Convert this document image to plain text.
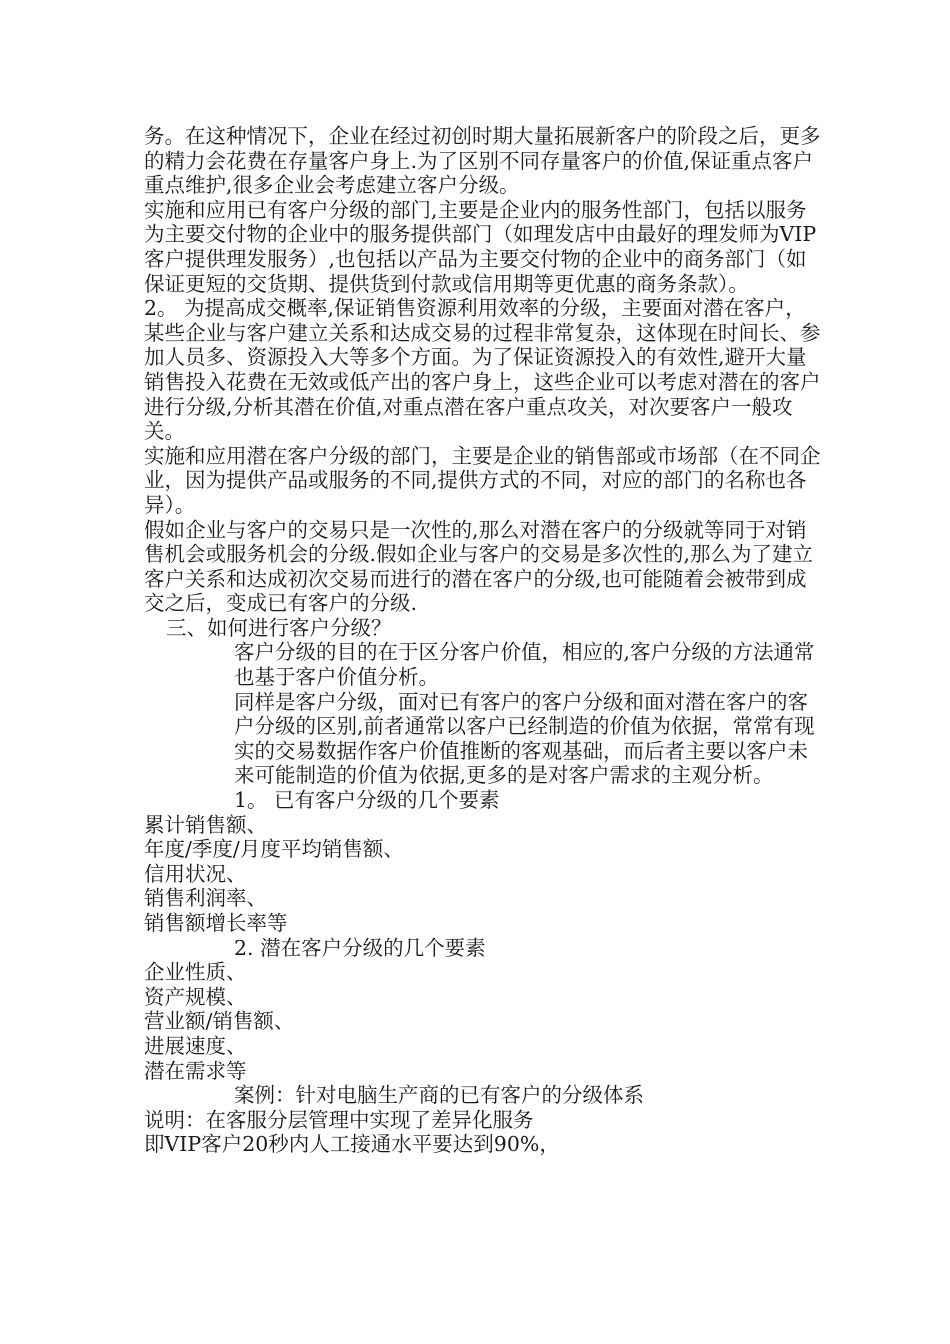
务。在这种情况下，企业在经过初创时期大量拓展新客户的阶段之后，更多的精力会花费在存量客户身上.为了区别不同存量客户的价值,保证重点客户重点维护,很多企业会考虑建立客户分级。

实施和应用已有客户分级的部门,主要是企业内的服务性部门，包括以服务为主要交付物的企业中的服务提供部门（如理发店中由最好的理发师为VIP客户提供理发服务）,也包括以产品为主要交付物的企业中的商务部门（如保证更短的交货期、提供货到付款或信用期等更优惠的商务条款）。

2。 为提高成交概率,保证销售资源利用效率的分级，主要面对潜在客户，

某些企业与客户建立关系和达成交易的过程非常复杂，这体现在时间长、参加人员多、资源投入大等多个方面。为了保证资源投入的有效性,避开大量销售投入花费在无效或低产出的客户身上，这些企业可以考虑对潜在的客户进行分级,分析其潜在价值,对重点潜在客户重点攻关，对次要客户一般攻关。

实施和应用潜在客户分级的部门，主要是企业的销售部或市场部（在不同企业，因为提供产品或服务的不同,提供方式的不同，对应的部门的名称也各异）。

假如企业与客户的交易只是一次性的,那么对潜在客户的分级就等同于对销售机会或服务机会的分级.假如企业与客户的交易是多次性的,那么为了建立客户关系和达成初次交易而进行的潜在客户的分级,也可能随着会被带到成交之后，变成已有客户的分级.

三、如何进行客户分级？

客户分级的目的在于区分客户价值，相应的,客户分级的方法通常也基于客户价值分析。

同样是客户分级，面对已有客户的客户分级和面对潜在客户的客户分级的区别,前者通常以客户已经制造的价值为依据，常常有现实的交易数据作客户价值推断的客观基础，而后者主要以客户未来可能制造的价值为依据,更多的是对客户需求的主观分析。

1。 已有客户分级的几个要素

累计销售额、

年度/季度/月度平均销售额、

信用状况、

销售利润率、

销售额增长率等

2. 潜在客户分级的几个要素

企业性质、

资产规模、

营业额/销售额、

进展速度、

潜在需求等

案例：针对电脑生产商的已有客户的分级体系

说明：在客服分层管理中实现了差异化服务

即VIP客户20秒内人工接通水平要达到90%，
